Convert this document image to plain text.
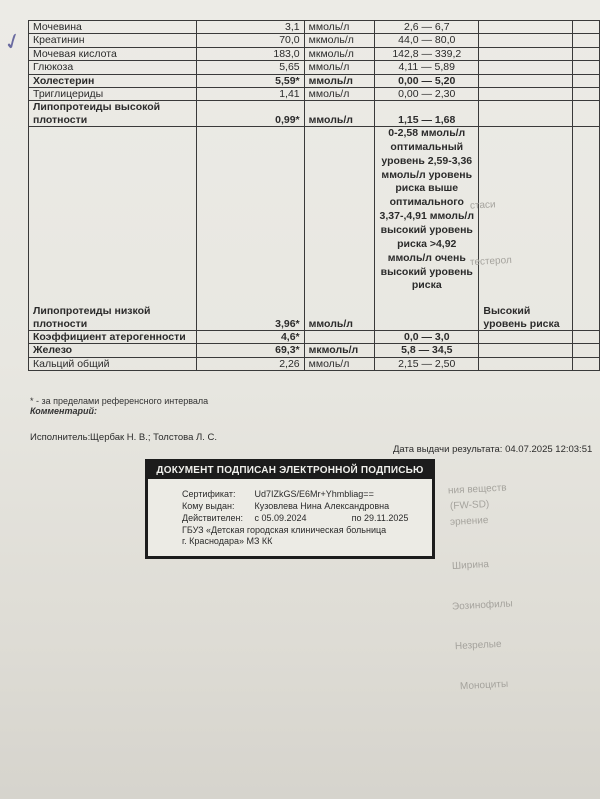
✓
Мочевина	3,1	ммоль/л	2,6 — 6,7		
Креатинин	70,0	мкмоль/л	44,0 — 80,0		
Мочевая кислота	183,0	мкмоль/л	142,8 — 339,2		
Глюкоза	5,65	ммоль/л	4,11 — 5,89		
Холестерин	5,59*	ммоль/л	0,00 — 5,20		
Триглицериды	1,41	ммоль/л	0,00 — 2,30		
Липопротеиды высокой плотности	0,99*	ммоль/л	1,15 — 1,68		
Липопротеиды низкой плотности	3,96*	ммоль/л	0-2,58 ммоль/л оптимальный уровень 2,59-3,36 ммоль/л уровень риска выше оптимального 3,37-,4,91 ммоль/л высокий уровень риска >4,92 ммоль/л очень высокий уровень риска	Высокий уровень риска	
Коэффициент атерогенности	4,6*		0,0 — 3,0		
Железо	69,3*	мкмоль/л	5,8 — 34,5		
Кальций общий	2,26	ммоль/л	2,15 — 2,50		
* - за пределами референсного интервала
Комментарий:
Исполнитель: Щербак Н. В.; Толстова Л. С.
Дата выдачи результата: 04.07.2025 12:03:51
стаси
тестерол
ния веществ
(FW-SD)
эрнение
Ширина
Эозинофилы
Незрелые
Моноциты
ДОКУМЕНТ ПОДПИСАН ЭЛЕКТРОННОЙ ПОДПИСЬЮ
Сертификат: Ud7IZkGS/E6Mr+Yhmbliag==
Кому выдан: Кузовлева Нина Александровна
Действителен: с 05.09.2024	по 29.11.2025
ГБУЗ «Детская городская клиническая больница
г. Краснодара» МЗ КК
